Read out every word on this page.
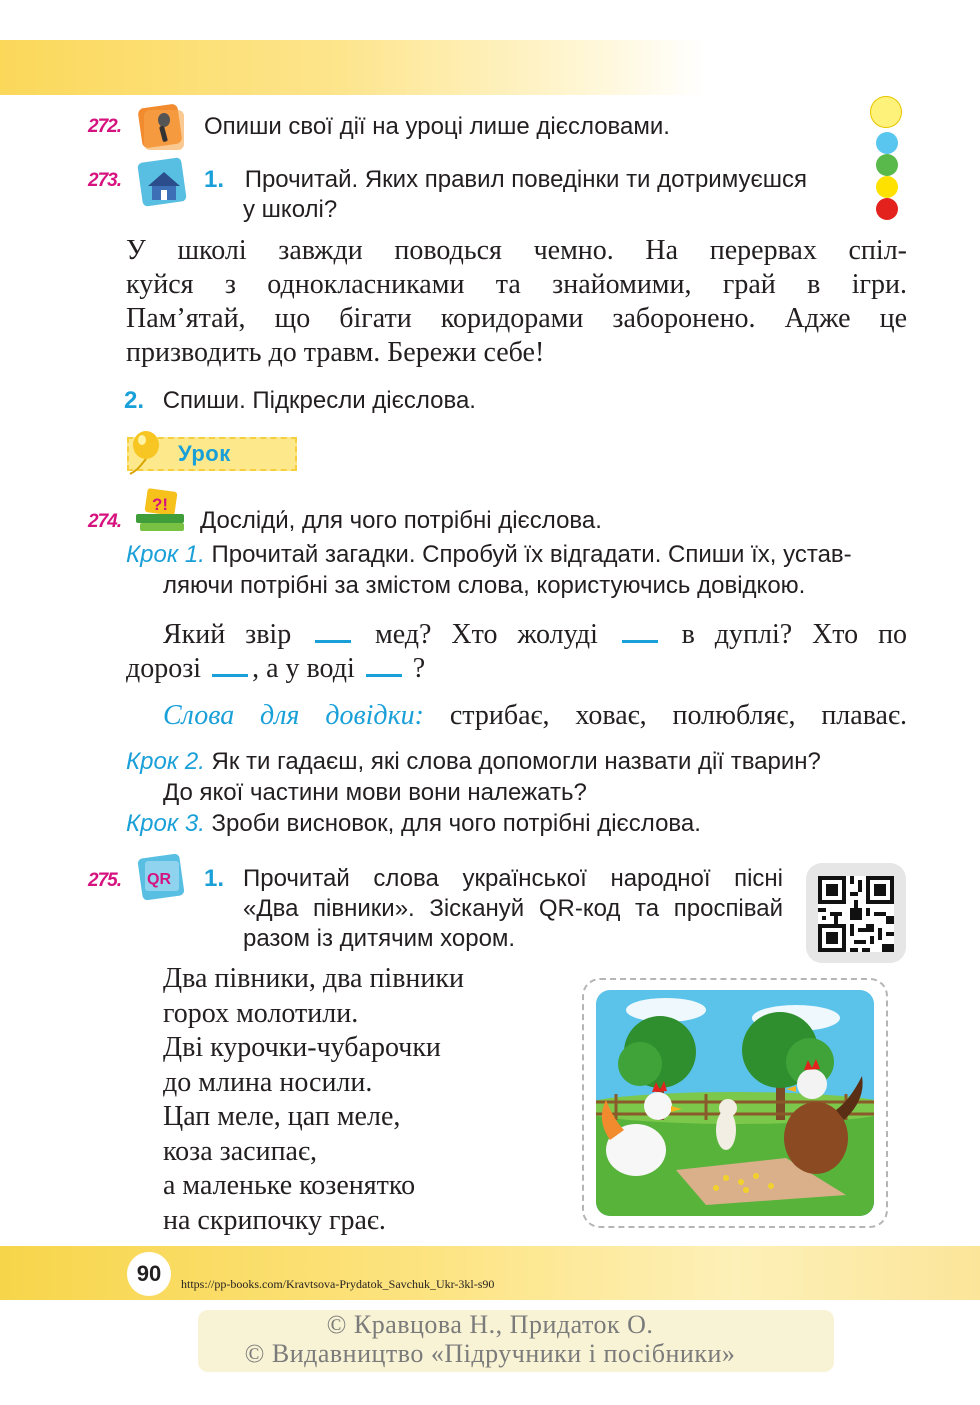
272.	Опиши свої дії на уроці лише дієсловами.
273.	1. Прочитай. Яких правил поведінки ти дотримуєшся
у школі?
У школі завжди поводься чемно. На перервах спіл-
куйся з однокласниками та знайомими, грай в ігри.
Пам’ятай, що бігати коридорами заборонено. Адже це
призводить до травм. Бережи себе!
2. Спиши. Підкресли дієслова.
Урок
274.
?!
Досліди́, для чого потрібні дієслова.
Крок 1. Прочитай загадки. Спробуй їх відгадати. Спиши їх, устав-
ляючи потрібні за змістом слова, користуючись довідкою.
Який звір	мед? Хто жолуді	в дуплі? Хто по
дорозі , а у воді ?
Слова для довідки: стрибає, ховає, полюбляє, плаває.
Крок 2. Як ти гадаєш, які слова допомогли назвати дії тварин?
До якої частини мови вони належать?
Крок 3. Зроби висновок, для чого потрібні дієслова.
275. QR 1. Прочитай слова української народної пісні
«Два півники». Зіскануй QR-код та проспівай
разом із дитячим хором.
Два півники, два півники
горох молотили.
Дві курочки-чубарочки
до млина носили.
Цап меле, цап меле,
коза засипає,
а маленьке козенятко
на скрипочку грає.
90	https://pp-books.com/Kravtsova-Prydatok_Savchuk_Ukr-3kl-s90
© Кравцова Н., Придаток О.
© Видавництво «Підручники і посібники»
